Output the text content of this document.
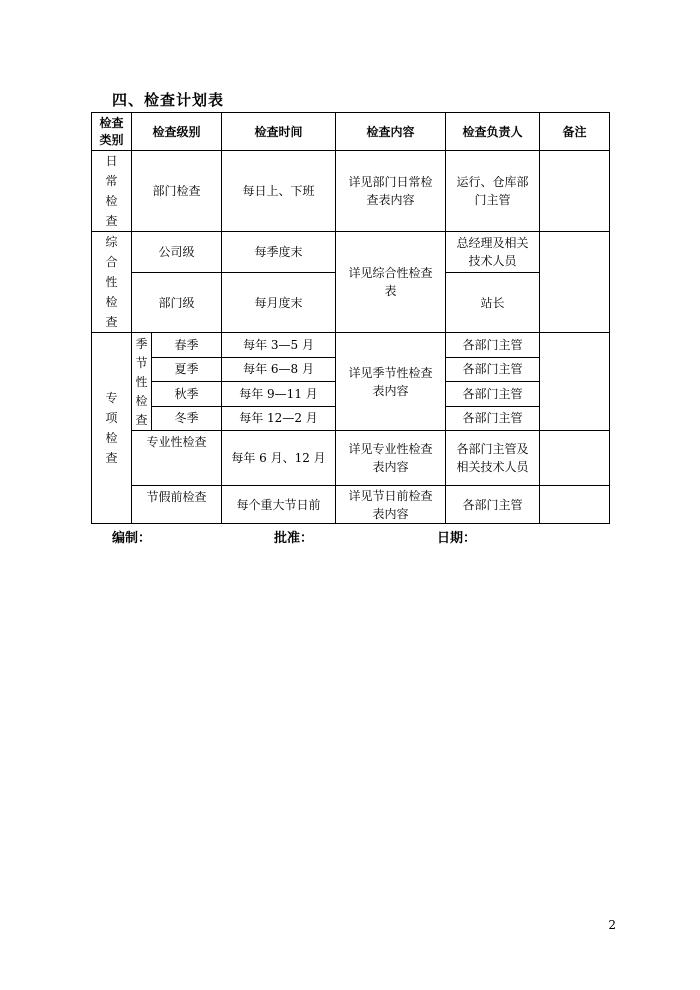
四、检查计划表
检查类别	检查级别		检查时间	检查内容	检查负责人	备注

日常检查	部门检查		每日上、下班	详见部门日常检查表内容	运行、仓库部门主管	

综合性检查	公司级		每季度末	详见综合性检查表	总经理及相关技术人员	

	部门级		每月度末		站长	

专项检查	季节性检查	春季	每年 3—5 月	详见季节性检查表内容	各部门主管	
		夏季	每年 6—8 月		各部门主管	
		秋季	每年 9—11 月		各部门主管	
		冬季	每年 12—2 月		各部门主管	
	专业性检查		每年 6 月、12 月	详见专业性检查表内容	各部门主管及相关技术人员	

	节假前检查		每个重大节日前	详见节日前检查表内容	各部门主管	
编制：	批准：	日期：
2
